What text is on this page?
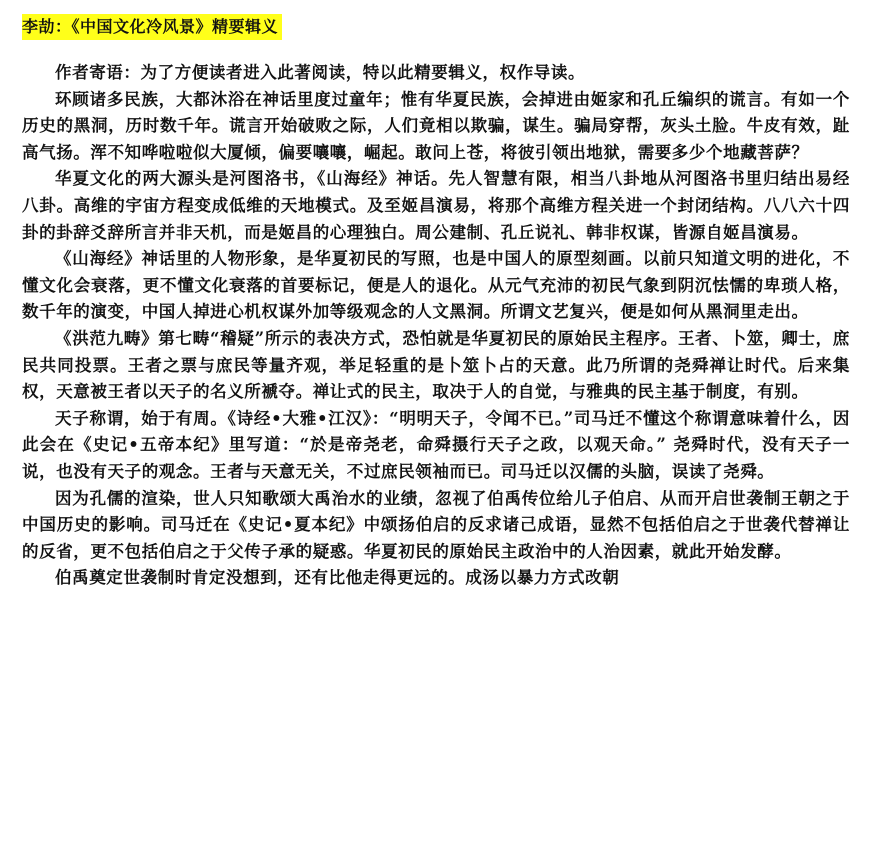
李劼：《中国文化冷风景》精要辑义

作者寄语：为了方便读者进入此著阅读，特以此精要辑义，权作导读。

环顾诸多民族，大都沐浴在神话里度过童年；惟有华夏民族，会掉进由姬家和孔丘编织的谎言。有如一个历史的黑洞，历时数千年。谎言开始破败之际，人们竟相以欺骗，谋生。骗局穿帮，灰头土脸。牛皮有效，趾高气扬。浑不知哗啦啦似大厦倾，偏要嚷嚷，崛起。敢问上苍，将彼引领出地狱，需要多少个地藏菩萨？

华夏文化的两大源头是河图洛书，《山海经》神话。先人智慧有限，相当八卦地从河图洛书里归结出易经八卦。高维的宇宙方程变成低维的天地模式。及至姬昌演易，将那个高维方程关进一个封闭结构。八八六十四卦的卦辞爻辞所言并非天机，而是姬昌的心理独白。周公建制、孔丘说礼、韩非权谋，皆源自姬昌演易。

《山海经》神话里的人物形象，是华夏初民的写照，也是中国人的原型刻画。以前只知道文明的进化，不懂文化会衰落，更不懂文化衰落的首要标记，便是人的退化。从元气充沛的初民气象到阴沉怯懦的卑琐人格，数千年的演变，中国人掉进心机权谋外加等级观念的人文黑洞。所谓文艺复兴，便是如何从黑洞里走出。

《洪范九畴》第七畴“稽疑”所示的表决方式，恐怕就是华夏初民的原始民主程序。王者、卜筮，卿士，庶民共同投票。王者之票与庶民等量齐观，举足轻重的是卜筮卜占的天意。此乃所谓的尧舜禅让时代。后来集权，天意被王者以天子的名义所褫夺。禅让式的民主，取决于人的自觉，与雅典的民主基于制度，有别。

天子称谓，始于有周。《诗经•大雅•江汉》：“明明天子，令闻不已。”司马迁不懂这个称谓意味着什么，因此会在《史记•五帝本纪》里写道：“於是帝尧老，命舜摄行天子之政，以观天命。” 尧舜时代，没有天子一说，也没有天子的观念。王者与天意无关，不过庶民领袖而已。司马迁以汉儒的头脑，误读了尧舜。

因为孔儒的渲染，世人只知歌颂大禹治水的业绩，忽视了伯禹传位给儿子伯启、从而开启世袭制王朝之于中国历史的影响。司马迁在《史记•夏本纪》中颂扬伯启的反求诸己成语，显然不包括伯启之于世袭代替禅让的反省，更不包括伯启之于父传子承的疑惑。华夏初民的原始民主政治中的人治因素，就此开始发酵。

伯禹奠定世袭制时肯定没想到，还有比他走得更远的。成汤以暴力方式改朝
